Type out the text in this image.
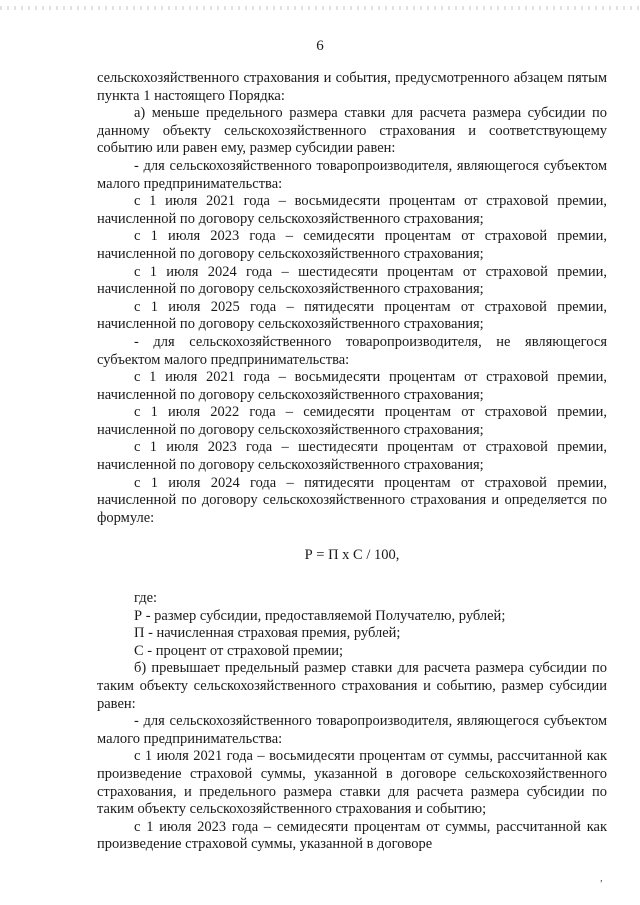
6

сельскохозяйственного страхования и события, предусмотренного абзацем пятым пункта 1 настоящего Порядка:

а) меньше предельного размера ставки для расчета размера субсидии по данному объекту сельскохозяйственного страхования и соответствующему событию или равен ему, размер субсидии равен:

- для сельскохозяйственного товаропроизводителя, являющегося субъектом малого предпринимательства:

с 1 июля 2021 года – восьмидесяти процентам от страховой премии, начисленной по договору сельскохозяйственного страхования;

с 1 июля 2023 года – семидесяти процентам от страховой премии, начисленной по договору сельскохозяйственного страхования;

с 1 июля 2024 года – шестидесяти процентам от страховой премии, начисленной по договору сельскохозяйственного страхования;

с 1 июля 2025 года – пятидесяти процентам от страховой премии, начисленной по договору сельскохозяйственного страхования;

- для сельскохозяйственного товаропроизводителя, не являющегося субъектом малого предпринимательства:

с 1 июля 2021 года – восьмидесяти процентам от страховой премии, начисленной по договору сельскохозяйственного страхования;

с 1 июля 2022 года – семидесяти процентам от страховой премии, начисленной по договору сельскохозяйственного страхования;

с 1 июля 2023 года – шестидесяти процентам от страховой премии, начисленной по договору сельскохозяйственного страхования;

с 1 июля 2024 года – пятидесяти процентам от страховой премии, начисленной по договору сельскохозяйственного страхования и определяется по формуле:

Р = П х С / 100,

где:

Р - размер субсидии, предоставляемой Получателю, рублей;

П - начисленная страховая премия, рублей;

С - процент от страховой премии;

б) превышает предельный размер ставки для расчета размера субсидии по таким объекту сельскохозяйственного страхования и событию, размер субсидии равен:

- для сельскохозяйственного товаропроизводителя, являющегося субъектом малого предпринимательства:

с 1 июля 2021 года – восьмидесяти процентам от суммы, рассчитанной как произведение страховой суммы, указанной в договоре сельскохозяйственного страхования, и предельного размера ставки для расчета размера субсидии по таким объекту сельскохозяйственного страхования и событию;

с 1 июля 2023 года – семидесяти процентам от суммы, рассчитанной как произведение страховой суммы, указанной в договоре

,
